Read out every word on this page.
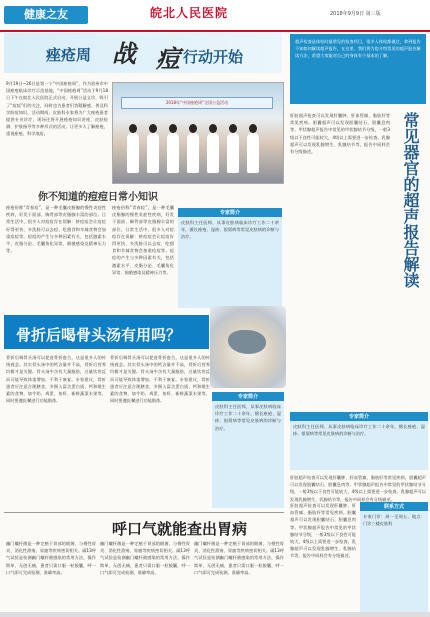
健康之友	皖北人民医院	2018年9月9日 第三版
痤疮周 战 痘 行动开始
9月19日~26日是第一个“中国痤疮周”，作为宿州市中国痤疮临床诊疗示范基地，“中国痤疮周”活动于9月18日下午在皖北人民医院正式启动。开展公益义诊，吸引了“痘痘”们的关注，同时也为患者们答疑解惑，普及科学防痘知识。活动期间，皮肤科专家将为广大痤疮患者提供专业诊疗，现场还将开展痤疮知识讲座、皮肤检测、护肤指导等多种形式的活动，让更多人了解痤疮、重视痤疮、科学战痘。
2018年“中国痤疮周”全国公益活动
你不知道的痘痘日常小知识
痤疮俗称“青春痘”，是一种毛囊皮脂腺的慢性炎症性疾病，好发于面部、胸背部等皮脂腺丰富的部位。日常生活中，很多人对痘痘存在误解：挤痘痘会让痘痘好得更快、多洗脸可以去痘、吃甜食和辛辣食物会加重痘痘等。痘痘的产生与多种因素有关，包括激素水平、皮脂分泌、毛囊角化异常、细菌感染及精神压力等。
痤疮俗称“青春痘”，是一种毛囊皮脂腺的慢性炎症性疾病，好发于面部、胸背部等皮脂腺丰富的部位。日常生活中，很多人对痘痘存在误解：挤痘痘会让痘痘好得更快、多洗脸可以去痘、吃甜食和辛辣食物会加重痘痘等。痘痘的产生与多种因素有关，包括激素水平、皮脂分泌、毛囊角化异常、细菌感染及精神压力等。
专家简介
皮肤科主任医师，从事皮肤病临床诊疗工作二十余年，擅长痤疮、湿疹、银屑病等常见皮肤病的诊断与治疗。
骨折后喝骨头汤有用吗？
骨折后喝骨头汤可以促进骨折愈合，这是很多人的传统观念。其实骨头汤中的钙含量并不高，骨折后营养均衡才是关键。骨头汤中含有大量脂肪，过量饮用反而可能导致体重增加，不利于康复。专家建议，骨折患者应注意合理膳食，多摄入富含蛋白质、钙和维生素的食物，如牛奶、鸡蛋、鱼虾、新鲜蔬菜水果等，同时要遵医嘱进行功能锻炼。
骨折后喝骨头汤可以促进骨折愈合，这是很多人的传统观念。其实骨头汤中的钙含量并不高，骨折后营养均衡才是关键。骨头汤中含有大量脂肪，过量饮用反而可能导致体重增加，不利于康复。专家建议，骨折患者应注意合理膳食，多摄入富含蛋白质、钙和维生素的食物，如牛奶、鸡蛋、鱼虾、新鲜蔬菜水果等，同时要遵医嘱进行功能锻炼。
专家简介
皮肤科主任医师，从事皮肤病临床诊疗工作二十余年，擅长痤疮、湿疹、银屑病等常见皮肤病的诊断与治疗。
呼口气就能查出胃病
幽门螺杆菌是一种定植于胃部的细菌，与慢性胃炎、消化性溃疡、胃癌等疾病密切相关。碳13呼气试验是检测幽门螺杆菌感染的常用方法，操作简单，无创无痛，患者只需口服一粒胶囊，呼一口气即可完成检测，准确率高。
幽门螺杆菌是一种定植于胃部的细菌，与慢性胃炎、消化性溃疡、胃癌等疾病密切相关。碳13呼气试验是检测幽门螺杆菌感染的常用方法，操作简单，无创无痛，患者只需口服一粒胶囊，呼一口气即可完成检测，准确率高。
幽门螺杆菌是一种定植于胃部的细菌，与慢性胃炎、消化性溃疡、胃癌等疾病密切相关。碳13呼气试验是检测幽门螺杆菌感染的常用方法，操作简单，无创无痛，患者只需口服一粒胶囊，呼一口气即可完成检测，准确率高。
超声检查是体检时最常见的检查项目，很多人体检都做过，拿到报告不知如何解读超声报告，在这里，我们将为您介绍常见的超声报告解读方法，希望大家能对自己的身体有个基本的了解。
常见器官的超声报告解读
肝脏超声检查可以发现肝囊肿、肝血管瘤、脂肪肝等常见疾病。胆囊超声可以发现胆囊结石、胆囊息肉等。甲状腺超声报告中常见的甲状腺结节分级，一般3级以下良性可能较大，4级以上需要进一步检查。乳腺超声可以发现乳腺增生、乳腺结节等，报告中同样会有分级描述。
专家简介
皮肤科主任医师，从事皮肤病临床诊疗工作二十余年，擅长痤疮、湿疹、银屑病等常见皮肤病的诊断与治疗。
肝脏超声检查可以发现肝囊肿、肝血管瘤、脂肪肝等常见疾病。胆囊超声可以发现胆囊结石、胆囊息肉等。甲状腺超声报告中常见的甲状腺结节分级，一般3级以下良性可能较大，4级以上需要进一步检查。乳腺超声可以发现乳腺增生、乳腺结节等，报告中同样会有分级描述。
肝脏超声检查可以发现肝囊肿、肝血管瘤、脂肪肝等常见疾病。胆囊超声可以发现胆囊结石、胆囊息肉等。甲状腺超声报告中常见的甲状腺结节分级，一般3级以下良性可能较大，4级以上需要进一步检查。乳腺超声可以发现乳腺增生、乳腺结节等，报告中同样会有分级描述。
联系方式
专家门诊：周一至周五，地点：门诊三楼皮肤科
